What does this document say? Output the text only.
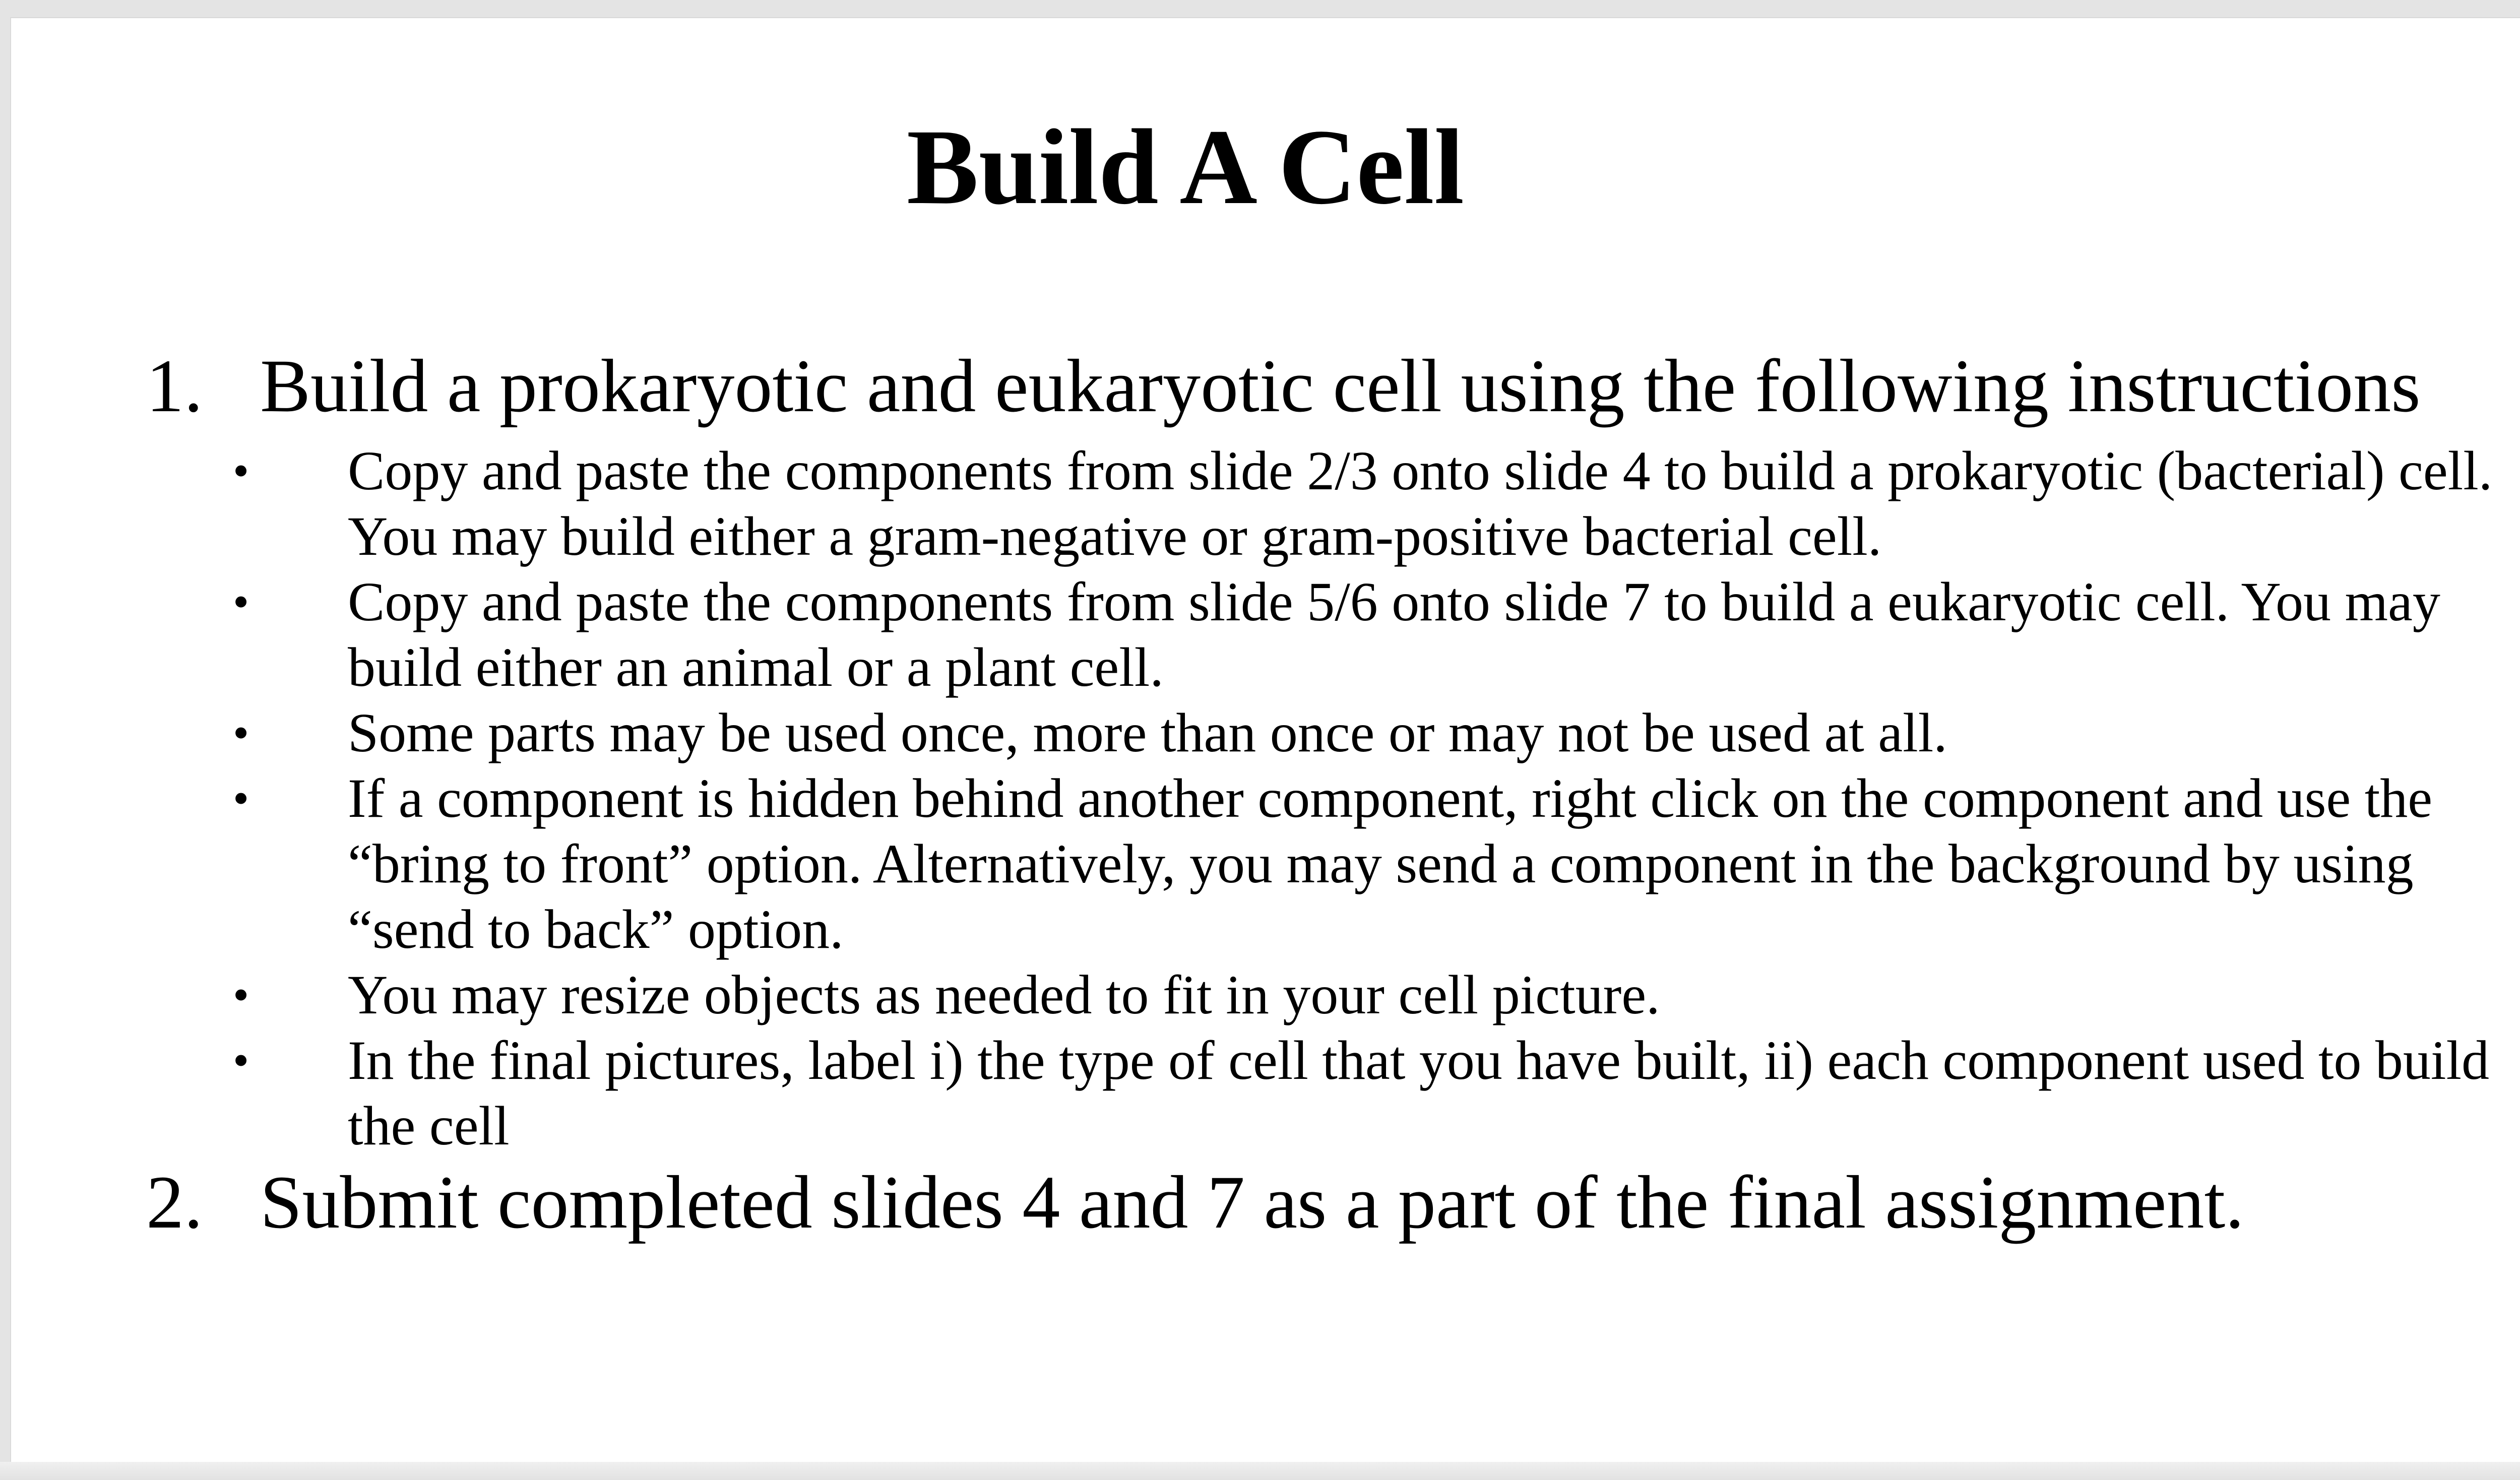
Build A Cell
1. Build a prokaryotic and eukaryotic cell using the following instructions
• Copy and paste the components from slide 2/3 onto slide 4 to build a prokaryotic (bacterial) cell.
You may build either a gram-negative or gram-positive bacterial cell.
• Copy and paste the components from slide 5/6 onto slide 7 to build a eukaryotic cell. You may
build either an animal or a plant cell.
• Some parts may be used once, more than once or may not be used at all.
• If a component is hidden behind another component, right click on the component and use the
“bring to front” option. Alternatively, you may send a component in the background by using
“send to back” option.
• You may resize objects as needed to fit in your cell picture.
• In the final pictures, label i) the type of cell that you have built, ii) each component used to build
the cell
2. Submit completed slides 4 and 7 as a part of the final assignment.
